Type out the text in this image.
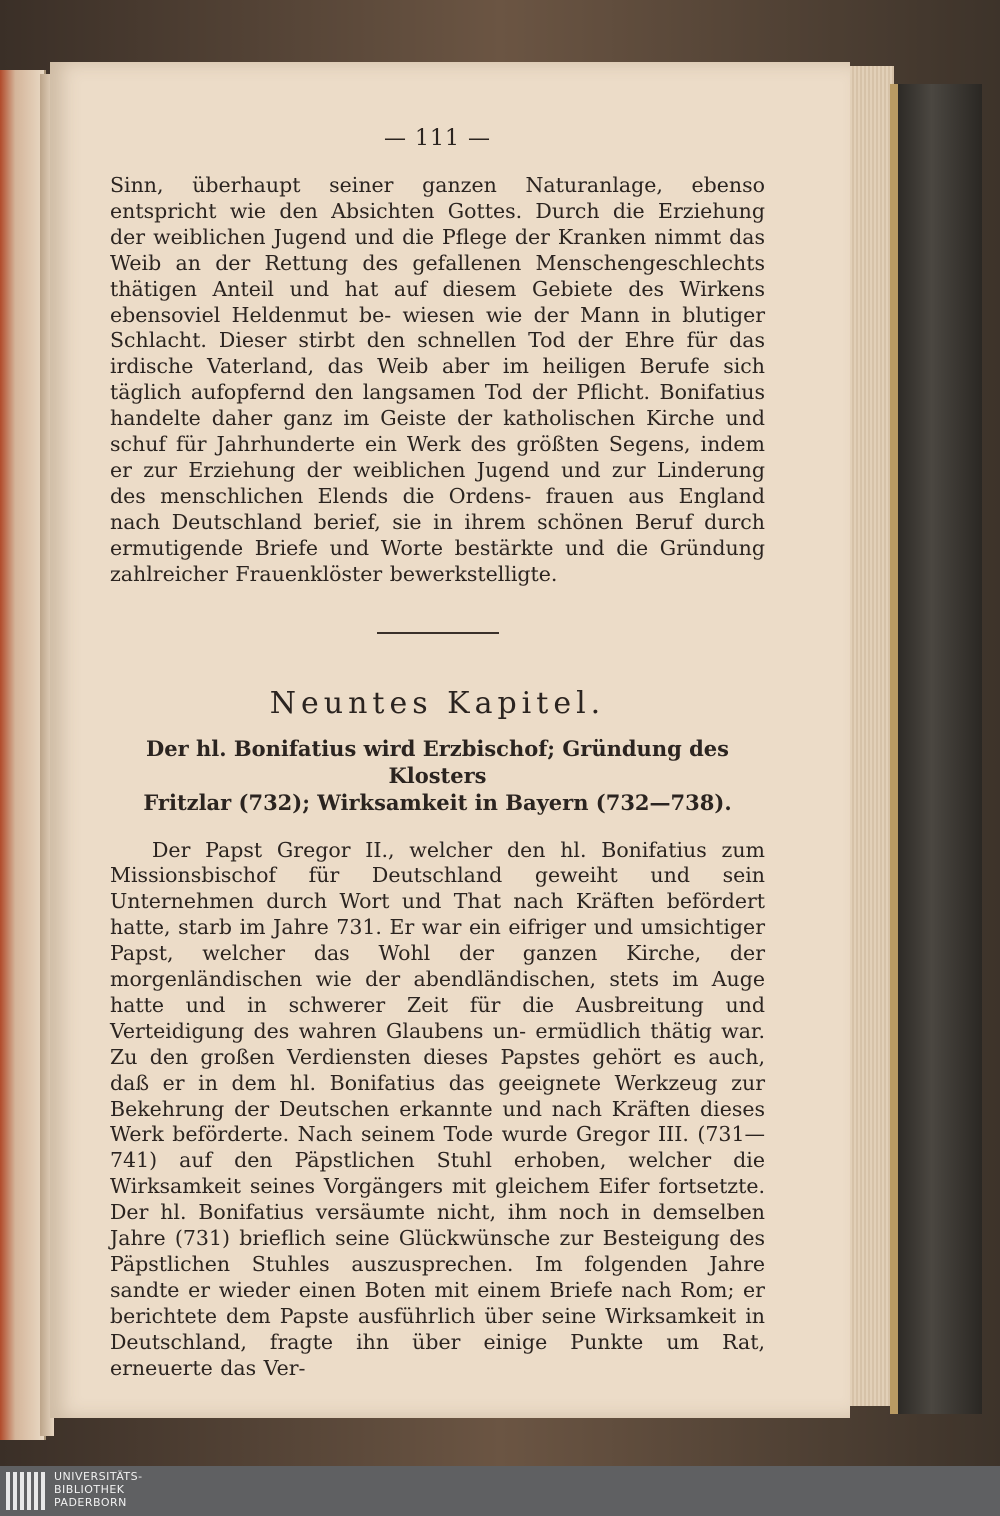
— 111 —

Sinn, überhaupt seiner ganzen Naturanlage, ebenso entspricht wie den Absichten Gottes. Durch die Erziehung der weiblichen Jugend und die Pflege der Kranken nimmt das Weib an der Rettung des gefallenen Menschengeschlechts thätigen Anteil und hat auf diesem Gebiete des Wirkens ebensoviel Heldenmut be- wiesen wie der Mann in blutiger Schlacht. Dieser stirbt den schnellen Tod der Ehre für das irdische Vaterland, das Weib aber im heiligen Berufe sich täglich aufopfernd den langsamen Tod der Pflicht. Bonifatius handelte daher ganz im Geiste der katholischen Kirche und schuf für Jahrhunderte ein Werk des größten Segens, indem er zur Erziehung der weiblichen Jugend und zur Linderung des menschlichen Elends die Ordens- frauen aus England nach Deutschland berief, sie in ihrem schönen Beruf durch ermutigende Briefe und Worte bestärkte und die Gründung zahlreicher Frauenklöster bewerkstelligte.

Neuntes Kapitel.
Der hl. Bonifatius wird Erzbischof; Gründung des Klosters
Fritzlar (732); Wirksamkeit in Bayern (732—738).

Der Papst Gregor II., welcher den hl. Bonifatius zum Missionsbischof für Deutschland geweiht und sein Unternehmen durch Wort und That nach Kräften befördert hatte, starb im Jahre 731. Er war ein eifriger und umsichtiger Papst, welcher das Wohl der ganzen Kirche, der morgenländischen wie der abendländischen, stets im Auge hatte und in schwerer Zeit für die Ausbreitung und Verteidigung des wahren Glaubens un- ermüdlich thätig war. Zu den großen Verdiensten dieses Papstes gehört es auch, daß er in dem hl. Bonifatius das geeignete Werkzeug zur Bekehrung der Deutschen erkannte und nach Kräften dieses Werk beförderte. Nach seinem Tode wurde Gregor III. (731—741) auf den Päpstlichen Stuhl erhoben, welcher die Wirksamkeit seines Vorgängers mit gleichem Eifer fortsetzte. Der hl. Bonifatius versäumte nicht, ihm noch in demselben Jahre (731) brieflich seine Glückwünsche zur Besteigung des Päpstlichen Stuhles auszusprechen. Im folgenden Jahre sandte er wieder einen Boten mit einem Briefe nach Rom; er berichtete dem Papste ausführlich über seine Wirksamkeit in Deutschland, fragte ihn über einige Punkte um Rat, erneuerte das Ver-

UNIVERSITÄTS-
BIBLIOTHEK
PADERBORN
